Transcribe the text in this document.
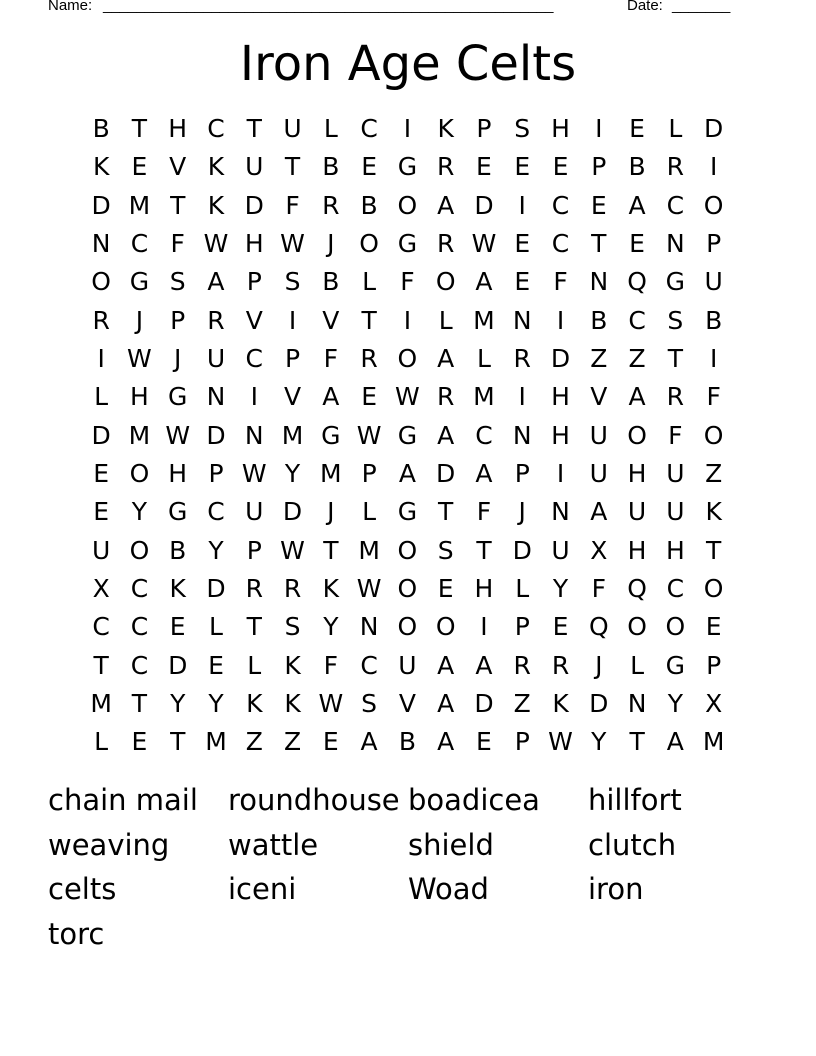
Name: ______________________________________________________	Date: _______
Iron Age Celts
B T H C T U L C	I	K P S H	I	E L D
K E V K U T B E G R E E E P B R	I
D M T K D F R B O A D I	C E A C O
N C F W H W J O G R W E C T E N P
O G S A P S B L F O A E F N Q G U
R	J	P R V	I	V T	I	L M N	I	B C S B
I W J	U C P F R O A L R D Z Z T	I
L H G N	I	V A E W R M I	H V A R F
D M W D N M G W G A C N H U O F O
E O H P W Y M P A D A P	I	U H U Z
E Y G C U D J	L G T F	J	N A U U K
U O B Y P W T M O S T D U X H H T
X C K D R R K W O E H L Y F Q C O
C C E L T S Y N O O I	P E Q O O E
T C D E L K F C U A A R R	J	L G P
M T Y Y K K W S V A D Z K D N Y X
L E T M Z Z E A B A E P W Y T A M
chain mail	roundhouse boadicea	hillfort
weaving	wattle	shield	clutch
celts	iceni	Woad	iron
torc
